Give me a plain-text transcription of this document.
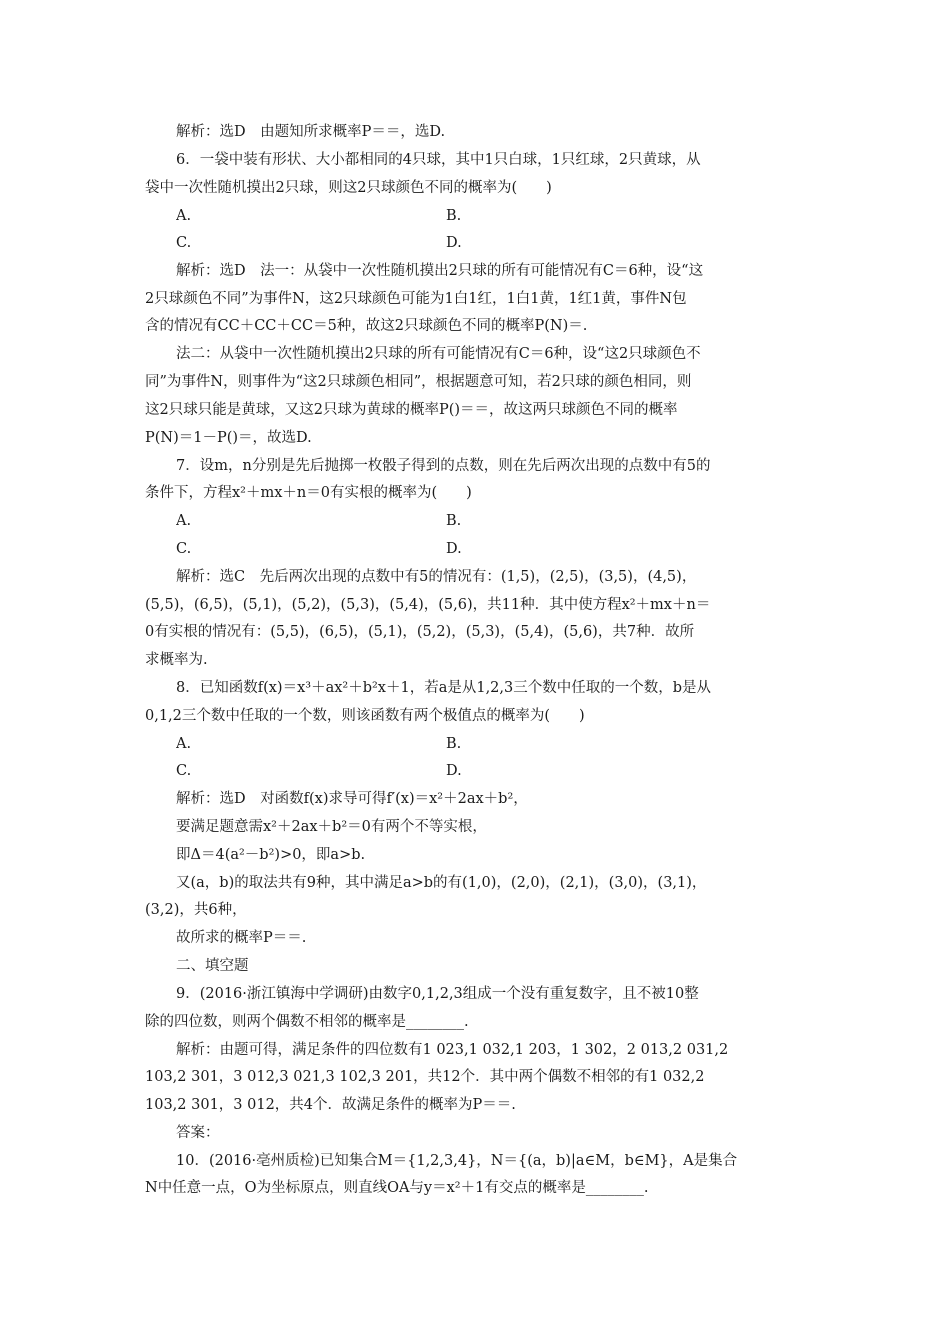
解析：选D　由题知所求概率P＝＝，选D.
6．一袋中装有形状、大小都相同的4只球，其中1只白球，1只红球，2只黄球，从
袋中一次性随机摸出2只球，则这2只球颜色不同的概率为(　　)
A.	B.
C.	D.
解析：选D　法一：从袋中一次性随机摸出2只球的所有可能情况有C＝6种，设“这
2只球颜色不同”为事件N，这2只球颜色可能为1白1红，1白1黄，1红1黄，事件N包
含的情况有CC＋CC＋CC＝5种，故这2只球颜色不同的概率P(N)＝.
法二：从袋中一次性随机摸出2只球的所有可能情况有C＝6种，设“这2只球颜色不
同”为事件N，则事件为“这2只球颜色相同”，根据题意可知，若2只球的颜色相同，则
这2只球只能是黄球，又这2只球为黄球的概率P()＝＝，故这两只球颜色不同的概率
P(N)＝1－P()＝，故选D.
7．设m，n分别是先后抛掷一枚骰子得到的点数，则在先后两次出现的点数中有5的
条件下，方程x²＋mx＋n＝0有实根的概率为(　　)
A.	B.
C.	D.
解析：选C　先后两次出现的点数中有5的情况有：(1,5)，(2,5)，(3,5)，(4,5)，
(5,5)，(6,5)，(5,1)，(5,2)，(5,3)，(5,4)，(5,6)，共11种．其中使方程x²＋mx＋n＝
0有实根的情况有：(5,5)，(6,5)，(5,1)，(5,2)，(5,3)，(5,4)，(5,6)，共7种．故所
求概率为.
8．已知函数f(x)＝x³＋ax²＋b²x＋1，若a是从1,2,3三个数中任取的一个数，b是从
0,1,2三个数中任取的一个数，则该函数有两个极值点的概率为(　　)
A.	B.
C.	D.
解析：选D　对函数f(x)求导可得f′(x)＝x²＋2ax＋b²，
要满足题意需x²＋2ax＋b²＝0有两个不等实根，
即Δ＝4(a²－b²)>0，即a>b.
又(a，b)的取法共有9种，其中满足a>b的有(1,0)，(2,0)，(2,1)，(3,0)，(3,1)，
(3,2)，共6种，
故所求的概率P＝＝.
二、填空题
9．(2016·浙江镇海中学调研)由数字0,1,2,3组成一个没有重复数字，且不被10整
除的四位数，则两个偶数不相邻的概率是________.
解析：由题可得，满足条件的四位数有1 023,1 032,1 203，1 302，2 013,2 031,2
103,2 301，3 012,3 021,3 102,3 201，共12个．其中两个偶数不相邻的有1 032,2
103,2 301，3 012，共4个．故满足条件的概率为P＝＝.
答案：
10．(2016·亳州质检)已知集合M＝{1,2,3,4}，N＝{(a，b)|a∈M，b∈M}，A是集合
N中任意一点，O为坐标原点，则直线OA与y＝x²＋1有交点的概率是________.
